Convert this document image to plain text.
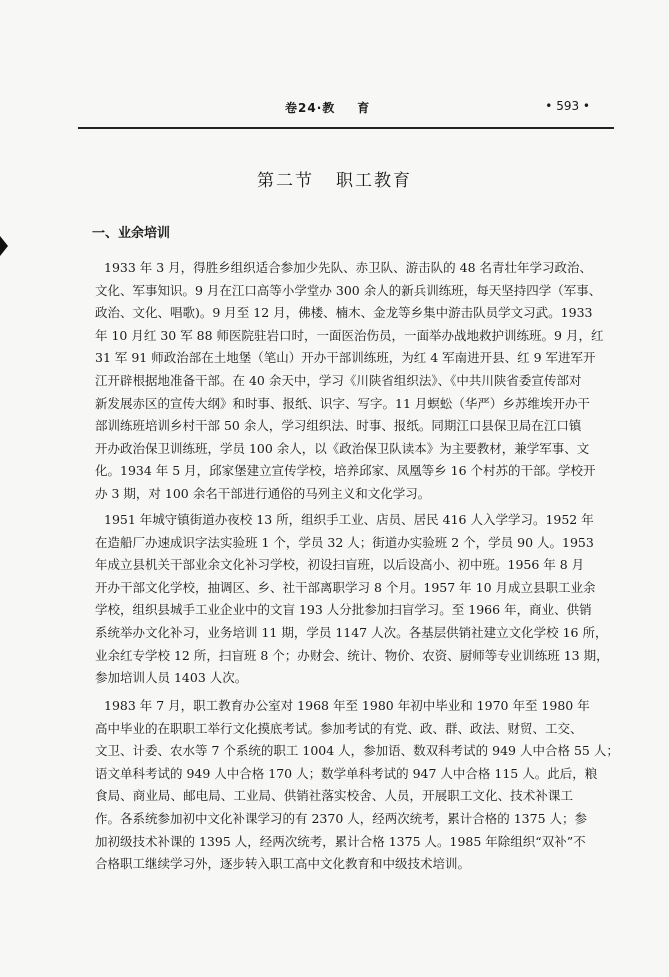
卷24·教 育	• 593 •
第二节 职工教育
一、业余培训
1933 年 3 月，得胜乡组织适合参加少先队、赤卫队、游击队的 48 名青壮年学习政治、
文化、军事知识。9 月在江口高等小学堂办 300 余人的新兵训练班，每天坚持四学（军事、
政治、文化、唱歌)。9 月至 12 月，佛楼、楠木、金龙等乡集中游击队员学文习武。1933
年 10 月红 30 军 88 师医院驻岩口时，一面医治伤员，一面举办战地救护训练班。9 月，红
31 军 91 师政治部在土地堡（笔山）开办干部训练班，为红 4 军南进开县、红 9 军进军开
江开辟根据地准备干部。在 40 余天中，学习《川陕省组织法》、《中共川陕省委宣传部对
新发展赤区的宣传大纲》和时事、报纸、识字、写字。11 月螟蚣（华严）乡苏维埃开办干
部训练班培训乡村干部 50 余人，学习组织法、时事、报纸。同期江口县保卫局在江口镇
开办政治保卫训练班，学员 100 余人，以《政治保卫队读本》为主要教材，兼学军事、文
化。1934 年 5 月，邱家堡建立宣传学校，培养邱家、凤凰等乡 16 个村苏的干部。学校开
办 3 期，对 100 余名干部进行通俗的马列主义和文化学习。
1951 年城守镇街道办夜校 13 所，组织手工业、店员、居民 416 人入学学习。1952 年
在造船厂办速成识字法实验班 1 个，学员 32 人；街道办实验班 2 个，学员 90 人。1953
年成立县机关干部业余文化补习学校，初设扫盲班，以后设高小、初中班。1956 年 8 月
开办干部文化学校，抽调区、乡、社干部离职学习 8 个月。1957 年 10 月成立县职工业余
学校，组织县城手工业企业中的文盲 193 人分批参加扫盲学习。至 1966 年，商业、供销
系统举办文化补习，业务培训 11 期，学员 1147 人次。各基层供销社建立文化学校 16 所，
业余红专学校 12 所，扫盲班 8 个；办财会、统计、物价、农资、厨师等专业训练班 13 期，
参加培训人员 1403 人次。
1983 年 7 月，职工教育办公室对 1968 年至 1980 年初中毕业和 1970 年至 1980 年
高中毕业的在职职工举行文化摸底考试。参加考试的有党、政、群、政法、财贸、工交、
文卫、计委、农水等 7 个系统的职工 1004 人，参加语、数双科考试的 949 人中合格 55 人；
语文单科考试的 949 人中合格 170 人；数学单科考试的 947 人中合格 115 人。此后，粮
食局、商业局、邮电局、工业局、供销社落实校舍、人员，开展职工文化、技术补课工
作。各系统参加初中文化补课学习的有 2370 人，经两次统考，累计合格的 1375 人；参
加初级技术补课的 1395 人，经两次统考，累计合格 1375 人。1985 年除组织“双补”不
合格职工继续学习外，逐步转入职工高中文化教育和中级技术培训。
